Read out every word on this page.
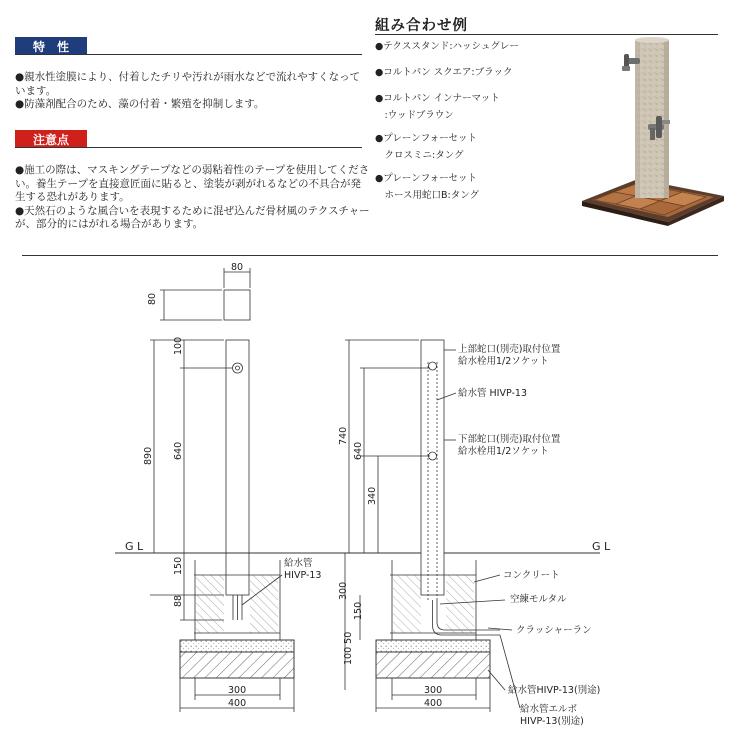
特　性

●親水性塗膜により、付着したチリや汚れが雨水などで流れやすくなっています。

●防藻剤配合のため、藻の付着・繁殖を抑制します。

注意点

●施工の際は、マスキングテープなどの弱粘着性のテープを使用してください。養生テープを直接意匠面に貼ると、塗装が剥がれるなどの不具合が発生する恐れがあります。

●天然石のような風合いを表現するために混ぜ込んだ骨材風のテクスチャーが、部分的にはがれる場合があります。

組み合わせ例
●テクススタンド:ハッシュグレー
●コルトパン スクエア:ブラック
●コルトパン インナーマット
　:ウッドブラウン
●プレーンフォーセット
　クロスミニ:タング
●プレーンフォーセット
　ホース用蛇口B:タング
80
80
100
640
890
150
88
300
400
G L	G L
給水管
HIVP-13
740
640
340
300
150
100 50
300
400
上部蛇口(別売)取付位置
給水栓用1/2ソケット
給水管 HIVP-13
下部蛇口(別売)取付位置
給水栓用1/2ソケット
コンクリート
空練モルタル
クラッシャーラン
給水管HIVP-13(別途)
給水管エルボ
HIVP-13(別途)
